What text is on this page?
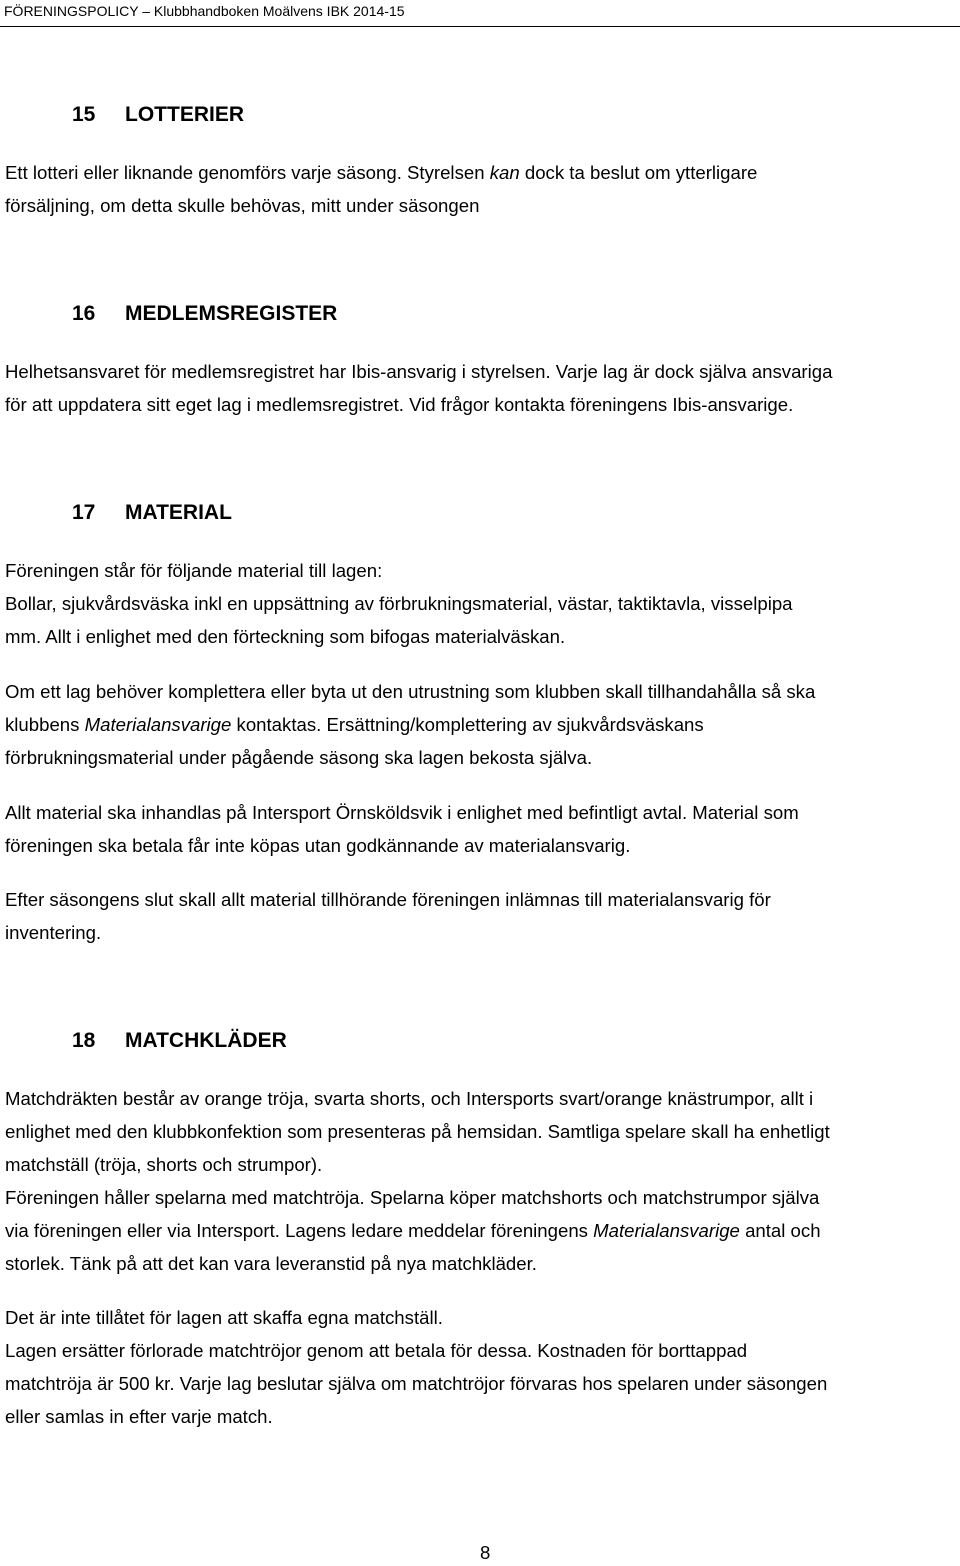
FÖRENINGSPOLICY – Klubbhandboken Moälvens IBK 2014-15
15 LOTTERIER
Ett lotteri eller liknande genomförs varje säsong. Styrelsen kan dock ta beslut om ytterligare
försäljning, om detta skulle behövas, mitt under säsongen
16 MEDLEMSREGISTER
Helhetsansvaret för medlemsregistret har Ibis-ansvarig i styrelsen. Varje lag är dock själva ansvariga
för att uppdatera sitt eget lag i medlemsregistret. Vid frågor kontakta föreningens Ibis-ansvarige.
17 MATERIAL
Föreningen står för följande material till lagen:
Bollar, sjukvårdsväska inkl en uppsättning av förbrukningsmaterial, västar, taktiktavla, visselpipa
mm. Allt i enlighet med den förteckning som bifogas materialväskan.
Om ett lag behöver komplettera eller byta ut den utrustning som klubben skall tillhandahålla så ska
klubbens Materialansvarige kontaktas. Ersättning/komplettering av sjukvårdsväskans
förbrukningsmaterial under pågående säsong ska lagen bekosta själva.
Allt material ska inhandlas på Intersport Örnsköldsvik i enlighet med befintligt avtal. Material som
föreningen ska betala får inte köpas utan godkännande av materialansvarig.
Efter säsongens slut skall allt material tillhörande föreningen inlämnas till materialansvarig för
inventering.
18 MATCHKLÄDER
Matchdräkten består av orange tröja, svarta shorts, och Intersports svart/orange knästrumpor, allt i
enlighet med den klubbkonfektion som presenteras på hemsidan. Samtliga spelare skall ha enhetligt
matchställ (tröja, shorts och strumpor).
Föreningen håller spelarna med matchtröja. Spelarna köper matchshorts och matchstrumpor själva
via föreningen eller via Intersport. Lagens ledare meddelar föreningens Materialansvarige antal och
storlek. Tänk på att det kan vara leveranstid på nya matchkläder.
Det är inte tillåtet för lagen att skaffa egna matchställ.
Lagen ersätter förlorade matchtröjor genom att betala för dessa. Kostnaden för borttappad
matchtröja är 500 kr. Varje lag beslutar själva om matchtröjor förvaras hos spelaren under säsongen
eller samlas in efter varje match.
8
